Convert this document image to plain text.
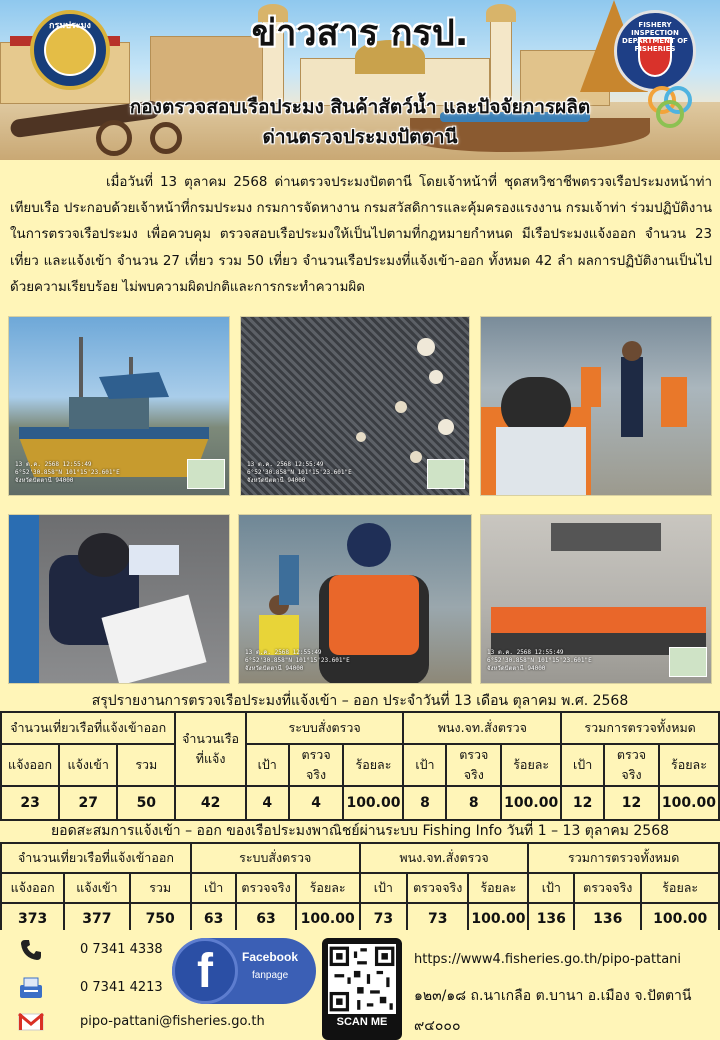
กรมประมง	FISHERY INSPECTION DEPARTMENT OF FISHERIES
ข่าวสาร กรป.
กองตรวจสอบเรือประมง สินค้าสัตว์น้ำ และปัจจัยการผลิต
ด่านตรวจประมงปัตตานี
เมื่อวันที่ 13 ตุลาคม 2568 ด่านตรวจประมงปัตตานี โดยเจ้าหน้าที่ ชุดสหวิชาชีพตรวจเรือประมงหน้าท่าเทียบเรือ ประกอบด้วยเจ้าหน้าที่กรมประมง กรมการจัดหางาน กรมสวัสดิการและคุ้มครองแรงงาน กรมเจ้าท่า ร่วมปฏิบัติงานในการตรวจเรือประมง เพื่อควบคุม ตรวจสอบเรือประมงให้เป็นไปตามที่กฎหมายกำหนด มีเรือประมงแจ้งออก จำนวน 23 เที่ยว และแจ้งเข้า จำนวน 27 เที่ยว รวม 50 เที่ยว จำนวนเรือประมงที่แจ้งเข้า-ออก ทั้งหมด 42 ลำ ผลการปฏิบัติงานเป็นไปด้วยความเรียบร้อย ไม่พบความผิดปกติและการกระทำความผิด
13 ต.ค. 2568 12:55:49
6°52'30.858"N 101°15'23.601"E
จังหวัดปัตตานี 94000
13 ต.ค. 2568 12:55:49
6°52'30.858"N 101°15'23.601"E
จังหวัดปัตตานี 94000
13 ต.ค. 2568 12:55:49
6°52'30.858"N 101°15'23.601"E
จังหวัดปัตตานี 94000
13 ต.ค. 2568 12:55:49
6°52'30.858"N 101°15'23.601"E
จังหวัดปัตตานี 94000
สรุปรายงานการตรวจเรือประมงที่แจ้งเข้า – ออก ประจำวันที่ 13 เดือน ตุลาคม พ.ศ. 2568
จำนวนเที่ยวเรือที่แจ้งเข้าออก			จำนวนเรือที่แจ้ง	ระบบสั่งตรวจ			พนง.จท.สั่งตรวจ			รวมการตรวจทั้งหมด		
แจ้งออก	แจ้งเข้า	รวม		เป้า	ตรวจจริง	ร้อยละ	เป้า	ตรวจจริง	ร้อยละ	เป้า	ตรวจจริง	ร้อยละ
23	27	50	42	4	4	100.00	8	8	100.00	12	12	100.00
ยอดสะสมการแจ้งเข้า – ออก ของเรือประมงพาณิชย์ผ่านระบบ Fishing Info วันที่ 1 – 13 ตุลาคม 2568
จำนวนเที่ยวเรือที่แจ้งเข้าออก			ระบบสั่งตรวจ			พนง.จท.สั่งตรวจ			รวมการตรวจทั้งหมด		
แจ้งออก	แจ้งเข้า	รวม	เป้า	ตรวจจริง	ร้อยละ	เป้า	ตรวจจริง	ร้อยละ	เป้า	ตรวจจริง	ร้อยละ
373	377	750	63	63	100.00	73	73	100.00	136	136	100.00
0 7341 4338
0 7341 4213
pipo-pattani@fisheries.go.th
f	Facebook
fanpage
SCAN ME
https://www4.fisheries.go.th/pipo-pattani
๑๒๓/๑๘ ถ.นาเกลือ ต.บานา อ.เมือง จ.ปัตตานี
๙๔๐๐๐
